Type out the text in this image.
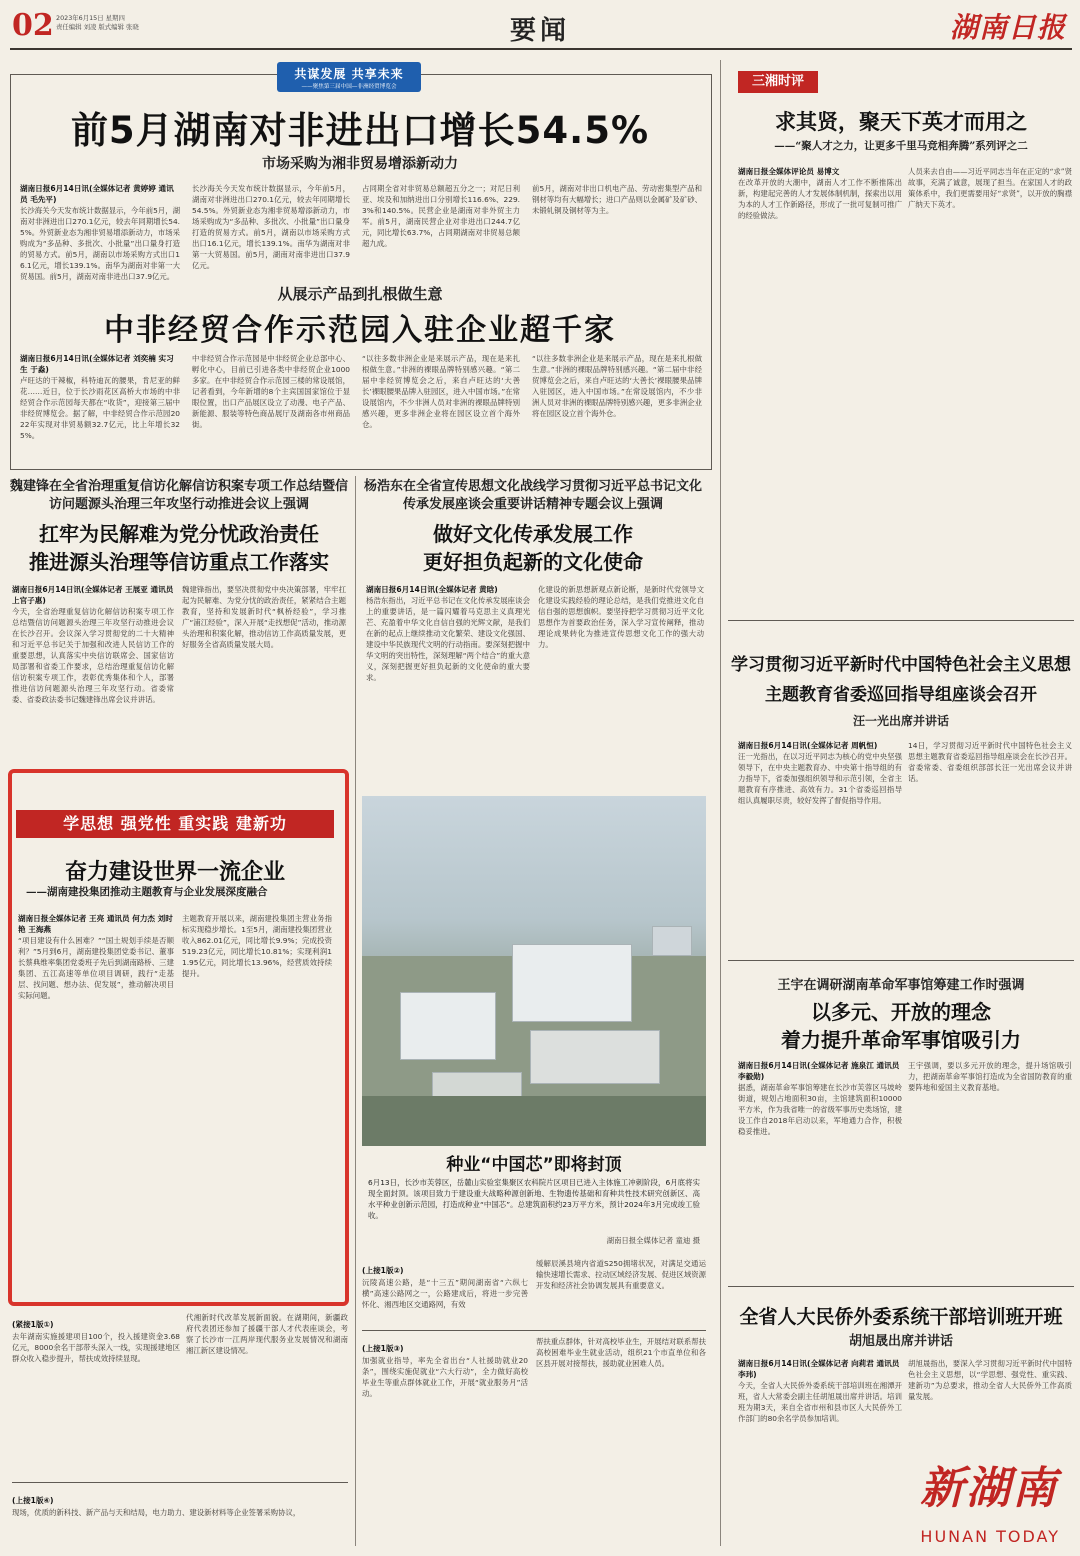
02 2023年6月15日 星期四
责任编辑 刘凌 版式编辑 张晓	要闻	湖南日报
共谋发展 共享未来
——聚焦第三届中国—非洲经贸博览会
前5月湖南对非进出口增长54.5%
市场采购为湘非贸易增添新动力
湖南日报6月14日讯(全媒体记者 黄婷婷 通讯员 毛先平)
长沙海关今天发布统计数据显示，今年前5月，湖南对非洲进出口270.1亿元，较去年同期增长54.5%。外贸新业态为湘非贸易增添新动力，市场采购成为“多品种、多批次、小批量”出口量身打造的贸易方式。前5月，湖南以市场采购方式出口16.1亿元，增长139.1%。南华为湖南对非第一大贸易国。前5月，湖南对南非进出口37.9亿元。
长沙海关今天发布统计数据显示，今年前5月，湖南对非洲进出口270.1亿元，较去年同期增长54.5%。外贸新业态为湘非贸易增添新动力，市场采购成为“多品种、多批次、小批量”出口量身打造的贸易方式。前5月，湖南以市场采购方式出口16.1亿元，增长139.1%。南华为湖南对非第一大贸易国。前5月，湖南对南非进出口37.9亿元。
占同期全省对非贸易总额超五分之一；对尼日利亚、埃及和加纳进出口分别增长116.6%、229.3%和140.5%。民营企业是湖南对非外贸主力军。前5月，湖南民营企业对非进出口244.7亿元，同比增长63.7%，占同期湖南对非贸易总额超九成。
前5月，湖南对非出口机电产品、劳动密集型产品和钢材等均有大幅增长；进口产品则以金属矿及矿砂、未锻轧铜及铜材等为主。
从展示产品到扎根做生意
中非经贸合作示范园入驻企业超千家
湖南日报6月14日讯(全媒体记者 刘奕楠 实习生 于淼)
卢旺达的干辣椒，科特迪瓦的腰果，肯尼亚的鲜花……近日，位于长沙雨花区高桥大市场的中非经贸合作示范园每天都在“收货”，迎接第三届中非经贸博览会。据了解，中非经贸合作示范园2022年实现对非贸易额32.7亿元，比上年增长325%。
中非经贸合作示范园是中非经贸企业总部中心、孵化中心，目前已引进各类中非经贸企业1000多家。在中非经贸合作示范园三楼的常设展馆，记者看到，今年新增的8个主宾国国家馆位于显眼位置，出口产品展区设立了动漫、电子产品、新能源、服装等特色商品展厅及湖南各市州商品街。
“以往多数非洲企业是来展示产品，现在是来扎根做生意。”非洲的裸眼品牌特别感兴趣。“第二届中非经贸博览会之后，来自卢旺达的‘大善长’裸眼腰果品牌入驻园区，进入中国市场。”在常设展馆内，不少非洲人员对非洲的裸眼品牌特别感兴趣，更多非洲企业将在园区设立首个海外仓。
“以往多数非洲企业是来展示产品，现在是来扎根做生意。”非洲的裸眼品牌特别感兴趣。“第二届中非经贸博览会之后，来自卢旺达的‘大善长’裸眼腰果品牌入驻园区，进入中国市场。”在常设展馆内，不少非洲人员对非洲的裸眼品牌特别感兴趣，更多非洲企业将在园区设立首个海外仓。
魏建锋在全省治理重复信访化解信访积案专项工作总结暨信访问题源头治理三年攻坚行动推进会议上强调
扛牢为民解难为党分忧政治责任
推进源头治理等信访重点工作落实
湖南日报6月14日讯(全媒体记者 王展亚 通讯员 上官子惠)
今天，全省治理重复信访化解信访积案专项工作总结暨信访问题源头治理三年攻坚行动推进会议在长沙召开。会议深入学习贯彻党的二十大精神和习近平总书记关于加强和改进人民信访工作的重要思想，认真落实中央信访联席会、国家信访局部署和省委工作要求，总结治理重复信访化解信访积案专项工作，表彰优秀集体和个人，部署推进信访问题源头治理三年攻坚行动。省委常委、省委政法委书记魏建锋出席会议并讲话。
魏建锋指出，要坚决贯彻党中央决策部署，牢牢扛起为民解难、为党分忧的政治责任，紧紧结合主题教育，坚持和发展新时代“枫桥经验”，学习推广“浦江经验”，深入开展“走找想促”活动，推动源头治理和积案化解，推动信访工作高质量发展，更好服务全省高质量发展大局。
杨浩东在全省宣传思想文化战线学习贯彻习近平总书记文化传承发展座谈会重要讲话精神专题会议上强调
做好文化传承发展工作
更好担负起新的文化使命
湖南日报6月14日讯(全媒体记者 黄晗)
杨浩东指出，习近平总书记在文化传承发展座谈会上的重要讲话，是一篇闪耀着马克思主义真理光芒、充盈着中华文化自信自强的光辉文献，是我们在新的起点上继续推动文化繁荣、建设文化强国、建设中华民族现代文明的行动指南。要深刻把握中华文明的突出特性，深刻理解“两个结合”的重大意义，深刻把握更好担负起新的文化使命的重大要求。
化建设的新思想新观点新论断，是新时代党领导文化建设实践经验的理论总结，是我们党推进文化自信自强的思想旗帜。要坚持把学习贯彻习近平文化思想作为首要政治任务，深入学习宣传阐释，推动理论成果转化为推进宣传思想文化工作的强大动力。
学思想 强党性 重实践 建新功
奋力建设世界一流企业
——湖南建投集团推动主题教育与企业发展深度融合
湖南日报全媒体记者 王亮 通讯员 何力杰 刘时艳 王海燕
“项目建设有什么困难？”“国土规划手续是否顺利？”5月到6月，湖南建投集团党委书记、董事长蔡典维率集团党委班子先后到湖南路桥、三建集团、五江高速等单位项目调研，践行“走基层、找问题、想办法、促发展”，推动解决项目实际问题。
主题教育开展以来，湖南建投集团主营业务指标实现稳步增长。1至5月，湖南建投集团营业收入862.01亿元，同比增长9.9%；完成投资519.23亿元，同比增长10.81%；实现利润11.95亿元，同比增长13.96%，经营质效持续提升。
种业“中国芯”即将封顶
6月13日，长沙市芙蓉区，岳麓山实验室集聚区农科院片区项目已进入主体施工冲刺阶段，6月底将实现全面封顶。该项目致力于建设重大战略种源创新地、生物遗传基础和育种共性技术研究创新区、高水平种业创新示范园，打造成种业“中国芯”。总建筑面积约23万平方米，预计2024年3月完成竣工验收。
湖南日报全媒体记者 童迪 摄
(上接1版②)
沅陵高速公路，是“十三五”期间湖南省“六纵七横”高速公路网之一，公路建成后，将进一步完善怀化、湘西地区交通路网，有效
缓解辰溪县境内省道S250拥堵状况，对满足交通运输快速增长需求、拉动区域经济发展、促进区域资源开发和经济社会协调发展具有重要意义。
(上接1版③)
加强就业指导，率先全省出台“人社援助就业20条”，围绕实施促就业“六大行动”，全力做好高校毕业生等重点群体就业工作，开展“就业服务月”活动。
帮扶重点群体，针对高校毕业生，开展结对联系帮扶高校困难毕业生就业活动，组织21个市直单位和各区县开展对接帮扶，援助就业困难人员。
(紧接1版①)
去年湖南实施援建项目100个，投入援建资金3.68亿元，8000余名干部带头深入一线，实现援建地区群众收入稳步提升，帮扶成效持续显现。
代湘新时代改革发展新面貌。在湖期间，新疆政府代表团还参加了援疆干部人才代表座谈会，考察了长沙市一江两岸现代服务业发展情况和湖南湘江新区建设情况。
(上接1版④)
现场，优质的新科技、新产品与天和结局，电力助力、建设新材料等企业签署采购协议，
三湘时评
求其贤，聚天下英才而用之
——“聚人才之力，让更多千里马竞相奔腾”系列评之二
湖南日报全媒体评论员 易博文
在改革开放的大潮中，湖南人才工作不断推陈出新，构建起完善的人才发展体制机制，探索出以用为本的人才工作新路径，形成了一批可复制可推广的经验做法。
人员来去自由——习近平同志当年在正定的“求”贤故事，充满了诚意，展现了担当。在家国人才的政策体系中，我们更需要用好“求贤”，以开放的胸襟广纳天下英才。
学习贯彻习近平新时代中国特色社会主义思想
主题教育省委巡回指导组座谈会召开
汪一光出席并讲话
湖南日报6月14日讯(全媒体记者 周帆恒)
汪一光指出，在以习近平同志为核心的党中央坚强领导下，在中央主题教育办、中央第十指导组的有力指导下，省委加强组织领导和示范引领，全省主题教育有序推进、高效有力。31个省委巡回指导组认真履职尽责，较好发挥了督促指导作用。
14日，学习贯彻习近平新时代中国特色社会主义思想主题教育省委巡回指导组座谈会在长沙召开。省委常委、省委组织部部长汪一光出席会议并讲话。
王宇在调研湖南革命军事馆筹建工作时强调
以多元、开放的理念
着力提升革命军事馆吸引力
湖南日报6月14日讯(全媒体记者 施泉江 通讯员 李毅勋)
据悉，湖南革命军事馆筹建在长沙市芙蓉区马坡岭街道，规划占地面积30亩，主馆建筑面积10000平方米，作为我省唯一的省级军事历史类场馆，建设工作自2018年启动以来，军地通力合作，积极稳妥推进。
王宇强调，要以多元开放的理念，提升场馆吸引力，把湖南革命军事馆打造成为全省国防教育的重要阵地和爱国主义教育基地。
全省人大民侨外委系统干部培训班开班
胡旭晟出席并讲话
湖南日报6月14日讯(全媒体记者 向莉君 通讯员 李玮)
今天，全省人大民侨外委系统干部培训班在湘潭开班，省人大常委会副主任胡旭晟出席并讲话。培训班为期3天，来自全省市州和县市区人大民侨外工作部门的80余名学员参加培训。
胡旭晟指出，要深入学习贯彻习近平新时代中国特色社会主义思想，以“学思想、强党性、重实践、建新功”为总要求，推动全省人大民侨外工作高质量发展。
新湖南
HUNAN TODAY
